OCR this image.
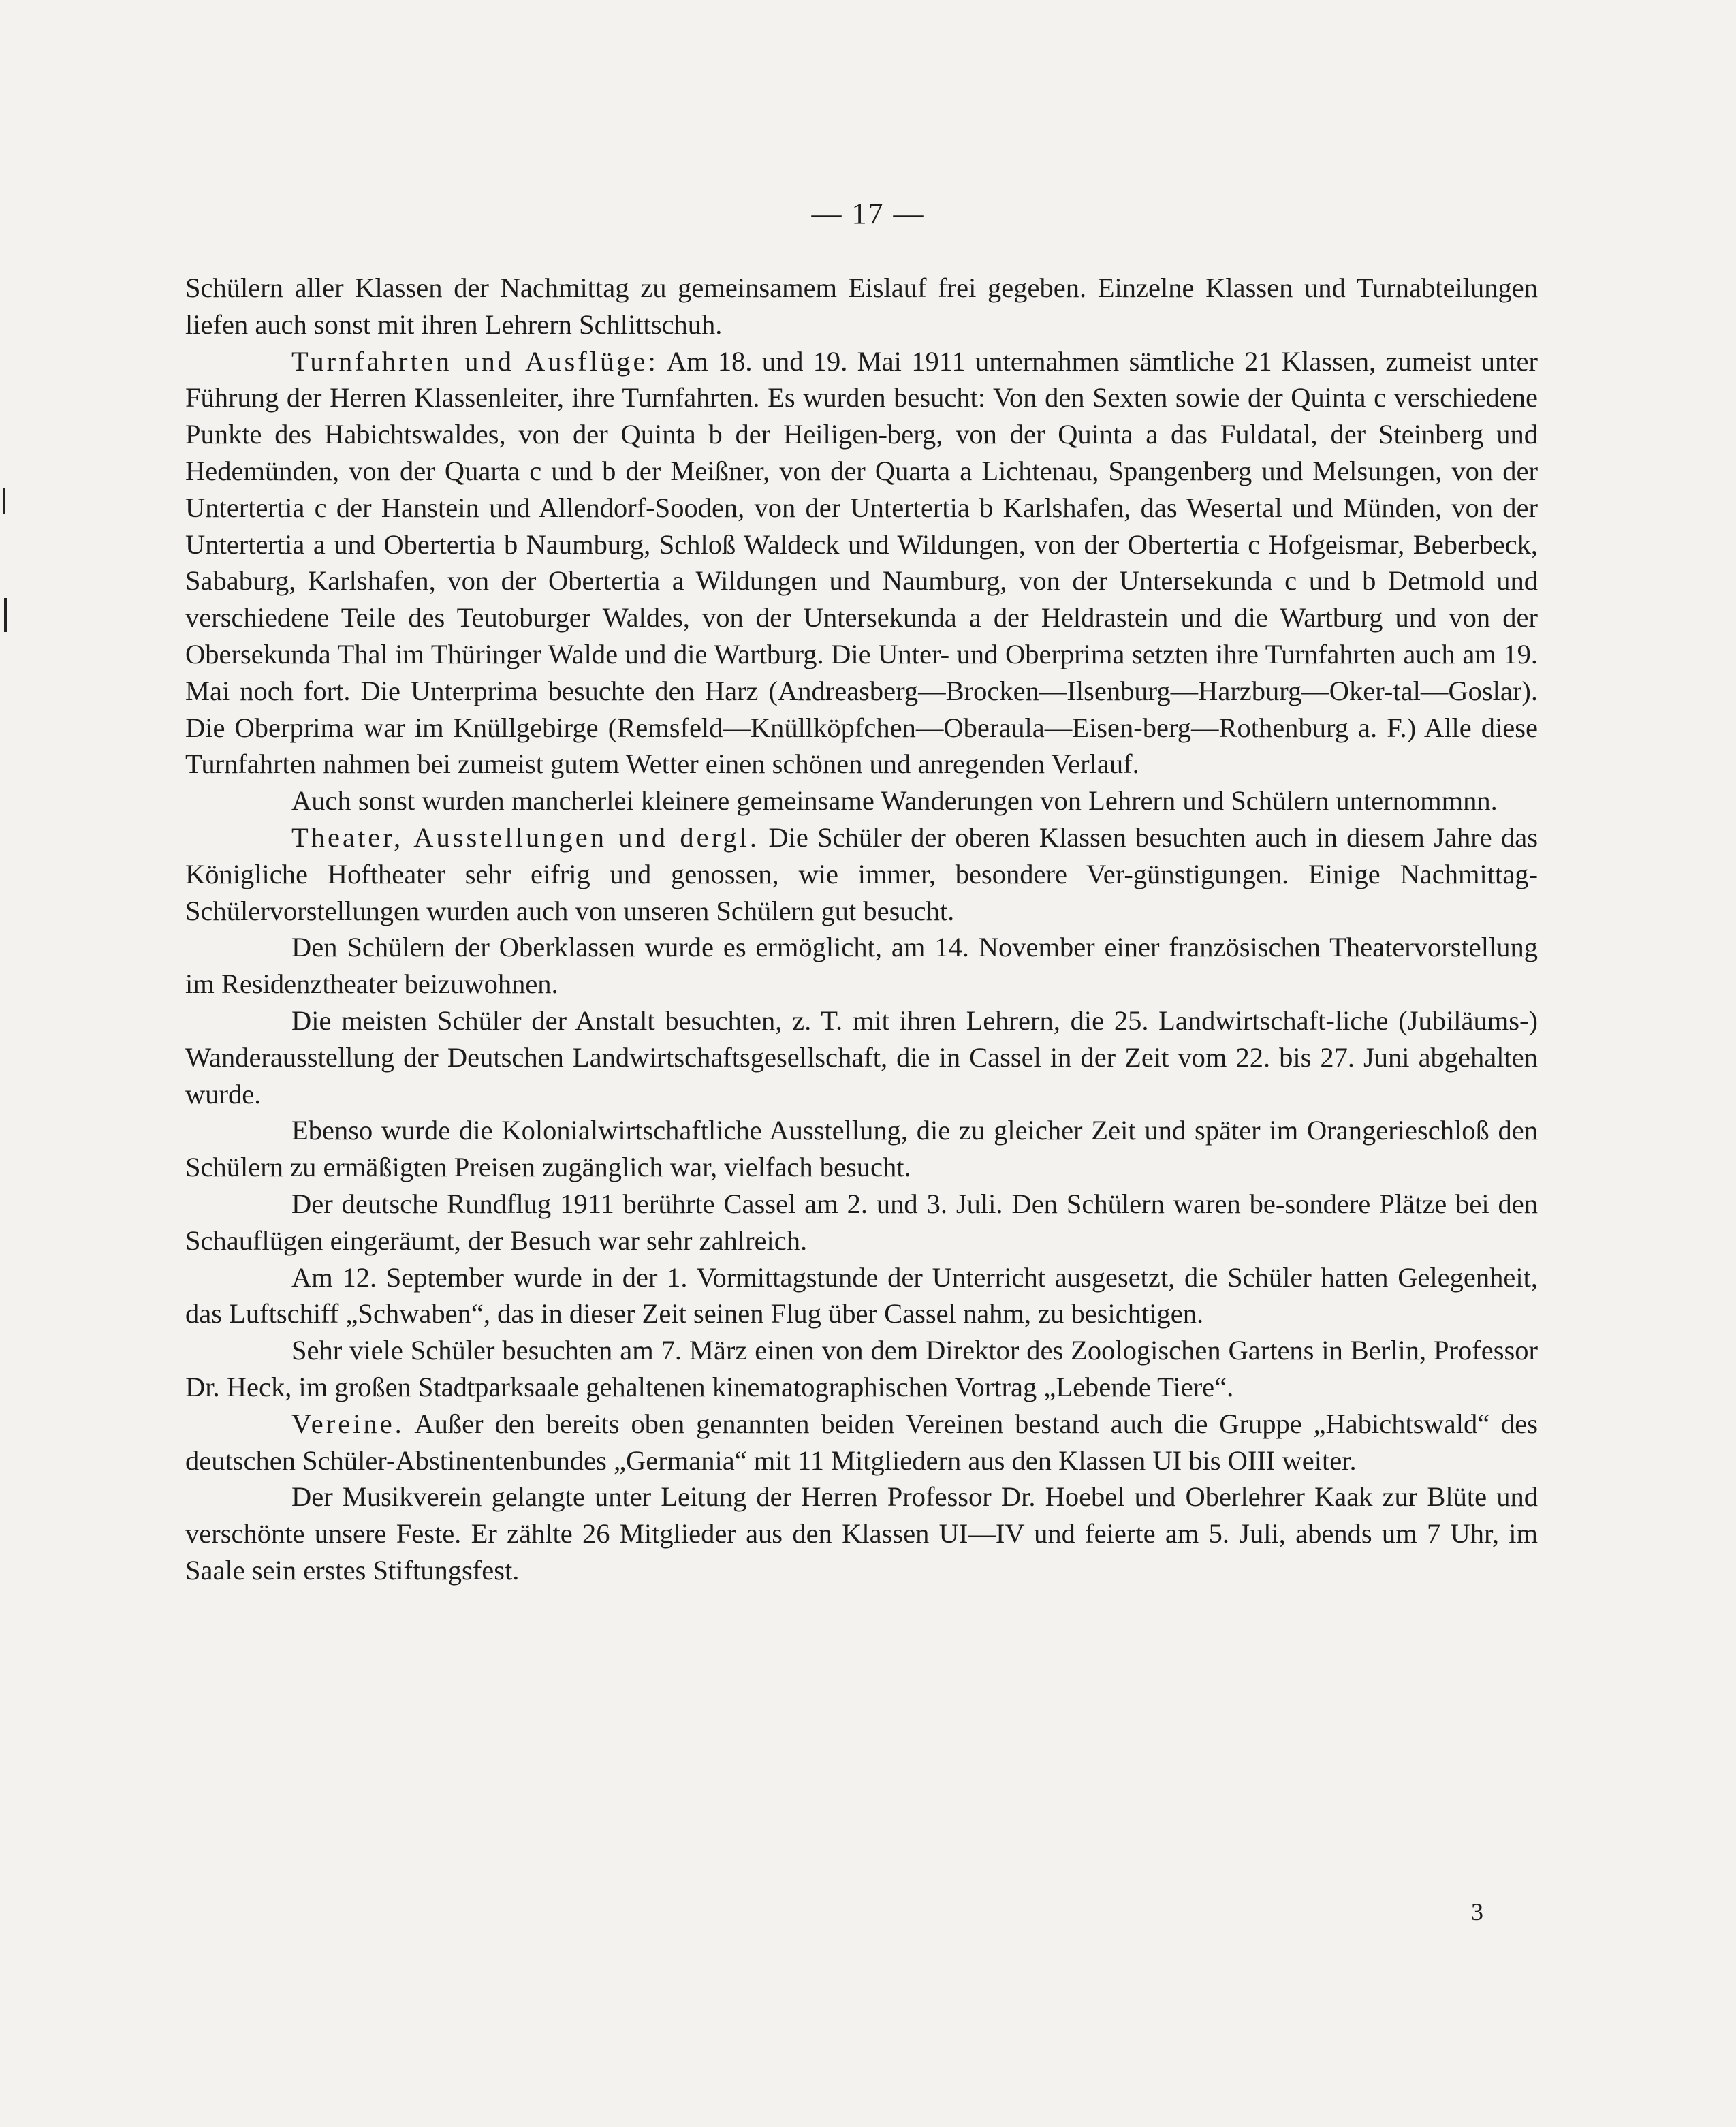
— 17 —

Schülern aller Klassen der Nachmittag zu gemeinsamem Eislauf frei gegeben. Einzelne Klassen und Turnabteilungen liefen auch sonst mit ihren Lehrern Schlittschuh.

Turnfahrten und Ausflüge: Am 18. und 19. Mai 1911 unternahmen sämtliche 21 Klassen, zumeist unter Führung der Herren Klassenleiter, ihre Turnfahrten. Es wurden besucht: Von den Sexten sowie der Quinta c verschiedene Punkte des Habichtswaldes, von der Quinta b der Heiligen-berg, von der Quinta a das Fuldatal, der Steinberg und Hedemünden, von der Quarta c und b der Meißner, von der Quarta a Lichtenau, Spangenberg und Melsungen, von der Untertertia c der Hanstein und Allendorf-Sooden, von der Untertertia b Karlshafen, das Wesertal und Münden, von der Untertertia a und Obertertia b Naumburg, Schloß Waldeck und Wildungen, von der Obertertia c Hofgeismar, Beberbeck, Sababurg, Karlshafen, von der Obertertia a Wildungen und Naumburg, von der Untersekunda c und b Detmold und verschiedene Teile des Teutoburger Waldes, von der Untersekunda a der Heldrastein und die Wartburg und von der Obersekunda Thal im Thüringer Walde und die Wartburg. Die Unter- und Oberprima setzten ihre Turnfahrten auch am 19. Mai noch fort. Die Unterprima besuchte den Harz (Andreasberg—Brocken—Ilsenburg—Harzburg—Oker-tal—Goslar). Die Oberprima war im Knüllgebirge (Remsfeld—Knüllköpfchen—Oberaula—Eisen-berg—Rothenburg a. F.) Alle diese Turnfahrten nahmen bei zumeist gutem Wetter einen schönen und anregenden Verlauf.

Auch sonst wurden mancherlei kleinere gemeinsame Wanderungen von Lehrern und Schülern unternommnn.

Theater, Ausstellungen und dergl. Die Schüler der oberen Klassen besuchten auch in diesem Jahre das Königliche Hoftheater sehr eifrig und genossen, wie immer, besondere Ver-günstigungen. Einige Nachmittag-Schülervorstellungen wurden auch von unseren Schülern gut besucht.

Den Schülern der Oberklassen wurde es ermöglicht, am 14. November einer französischen Theatervorstellung im Residenztheater beizuwohnen.

Die meisten Schüler der Anstalt besuchten, z. T. mit ihren Lehrern, die 25. Landwirtschaft-liche (Jubiläums-) Wanderausstellung der Deutschen Landwirtschaftsgesellschaft, die in Cassel in der Zeit vom 22. bis 27. Juni abgehalten wurde.

Ebenso wurde die Kolonialwirtschaftliche Ausstellung, die zu gleicher Zeit und später im Orangerieschloß den Schülern zu ermäßigten Preisen zugänglich war, vielfach besucht.

Der deutsche Rundflug 1911 berührte Cassel am 2. und 3. Juli. Den Schülern waren be-sondere Plätze bei den Schauflügen eingeräumt, der Besuch war sehr zahlreich.

Am 12. September wurde in der 1. Vormittagstunde der Unterricht ausgesetzt, die Schüler hatten Gelegenheit, das Luftschiff „Schwaben“, das in dieser Zeit seinen Flug über Cassel nahm, zu besichtigen.

Sehr viele Schüler besuchten am 7. März einen von dem Direktor des Zoologischen Gartens in Berlin, Professor Dr. Heck, im großen Stadtparksaale gehaltenen kinematographischen Vortrag „Lebende Tiere“.

Vereine. Außer den bereits oben genannten beiden Vereinen bestand auch die Gruppe „Habichtswald“ des deutschen Schüler-Abstinentenbundes „Germania“ mit 11 Mitgliedern aus den Klassen UI bis OIII weiter.

Der Musikverein gelangte unter Leitung der Herren Professor Dr. Hoebel und Oberlehrer Kaak zur Blüte und verschönte unsere Feste. Er zählte 26 Mitglieder aus den Klassen UI—IV und feierte am 5. Juli, abends um 7 Uhr, im Saale sein erstes Stiftungsfest.

3
